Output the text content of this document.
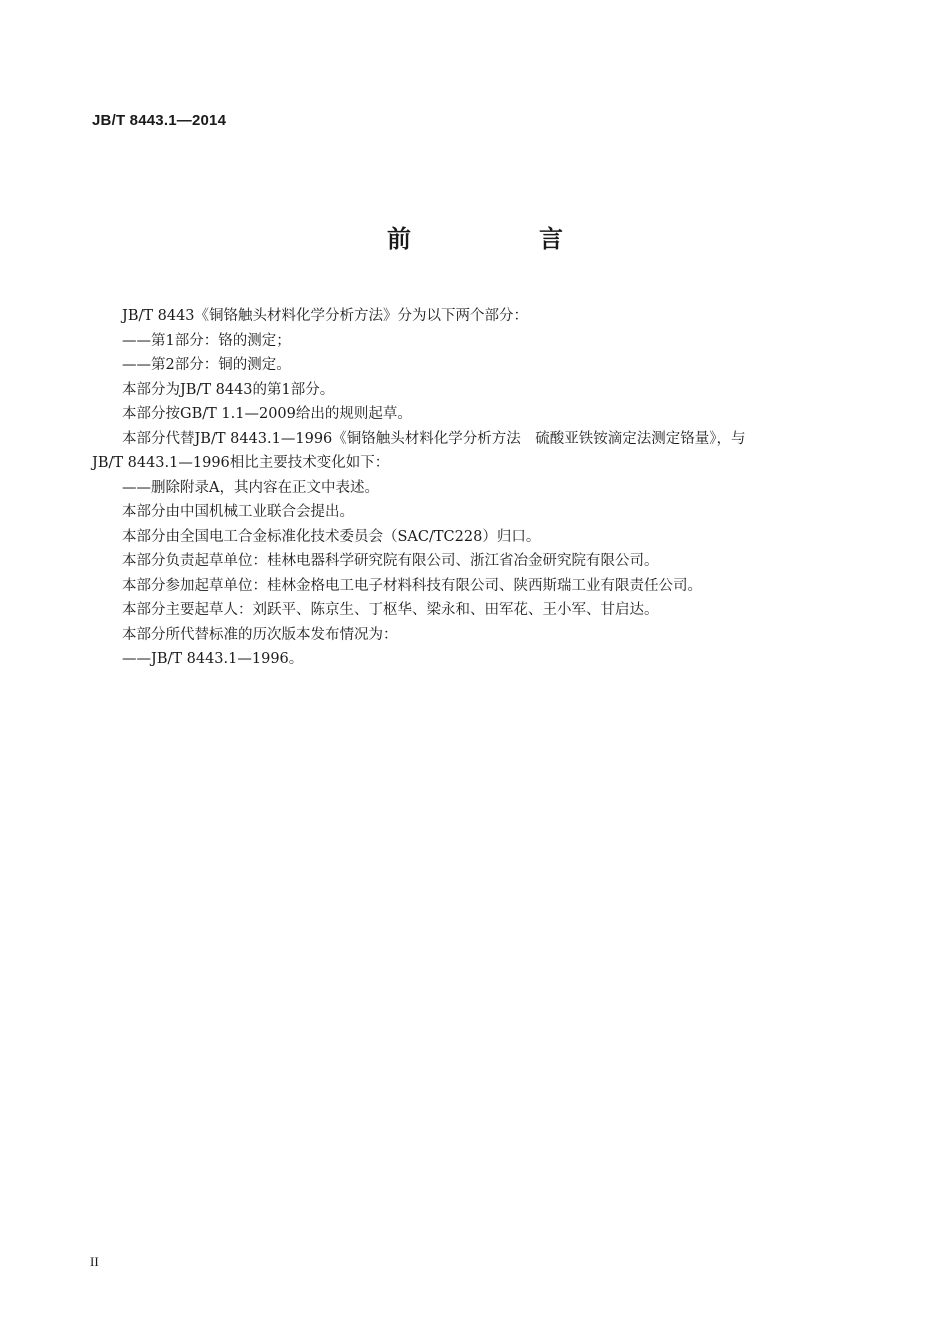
JB/T 8443.1—2014
前　言

JB/T 8443《铜铬触头材料化学分析方法》分为以下两个部分：

——第1部分：铬的测定；

——第2部分：铜的测定。

本部分为JB/T 8443的第1部分。

本部分按GB/T 1.1—2009给出的规则起草。

本部分代替JB/T 8443.1—1996《铜铬触头材料化学分析方法　硫酸亚铁铵滴定法测定铬量》，与

JB/T 8443.1—1996相比主要技术变化如下：

——删除附录A，其内容在正文中表述。

本部分由中国机械工业联合会提出。

本部分由全国电工合金标准化技术委员会（SAC/TC228）归口。

本部分负责起草单位：桂林电器科学研究院有限公司、浙江省冶金研究院有限公司。

本部分参加起草单位：桂林金格电工电子材料科技有限公司、陕西斯瑞工业有限责任公司。

本部分主要起草人：刘跃平、陈京生、丁枢华、梁永和、田军花、王小军、甘启达。

本部分所代替标准的历次版本发布情况为：

——JB/T 8443.1—1996。

II
